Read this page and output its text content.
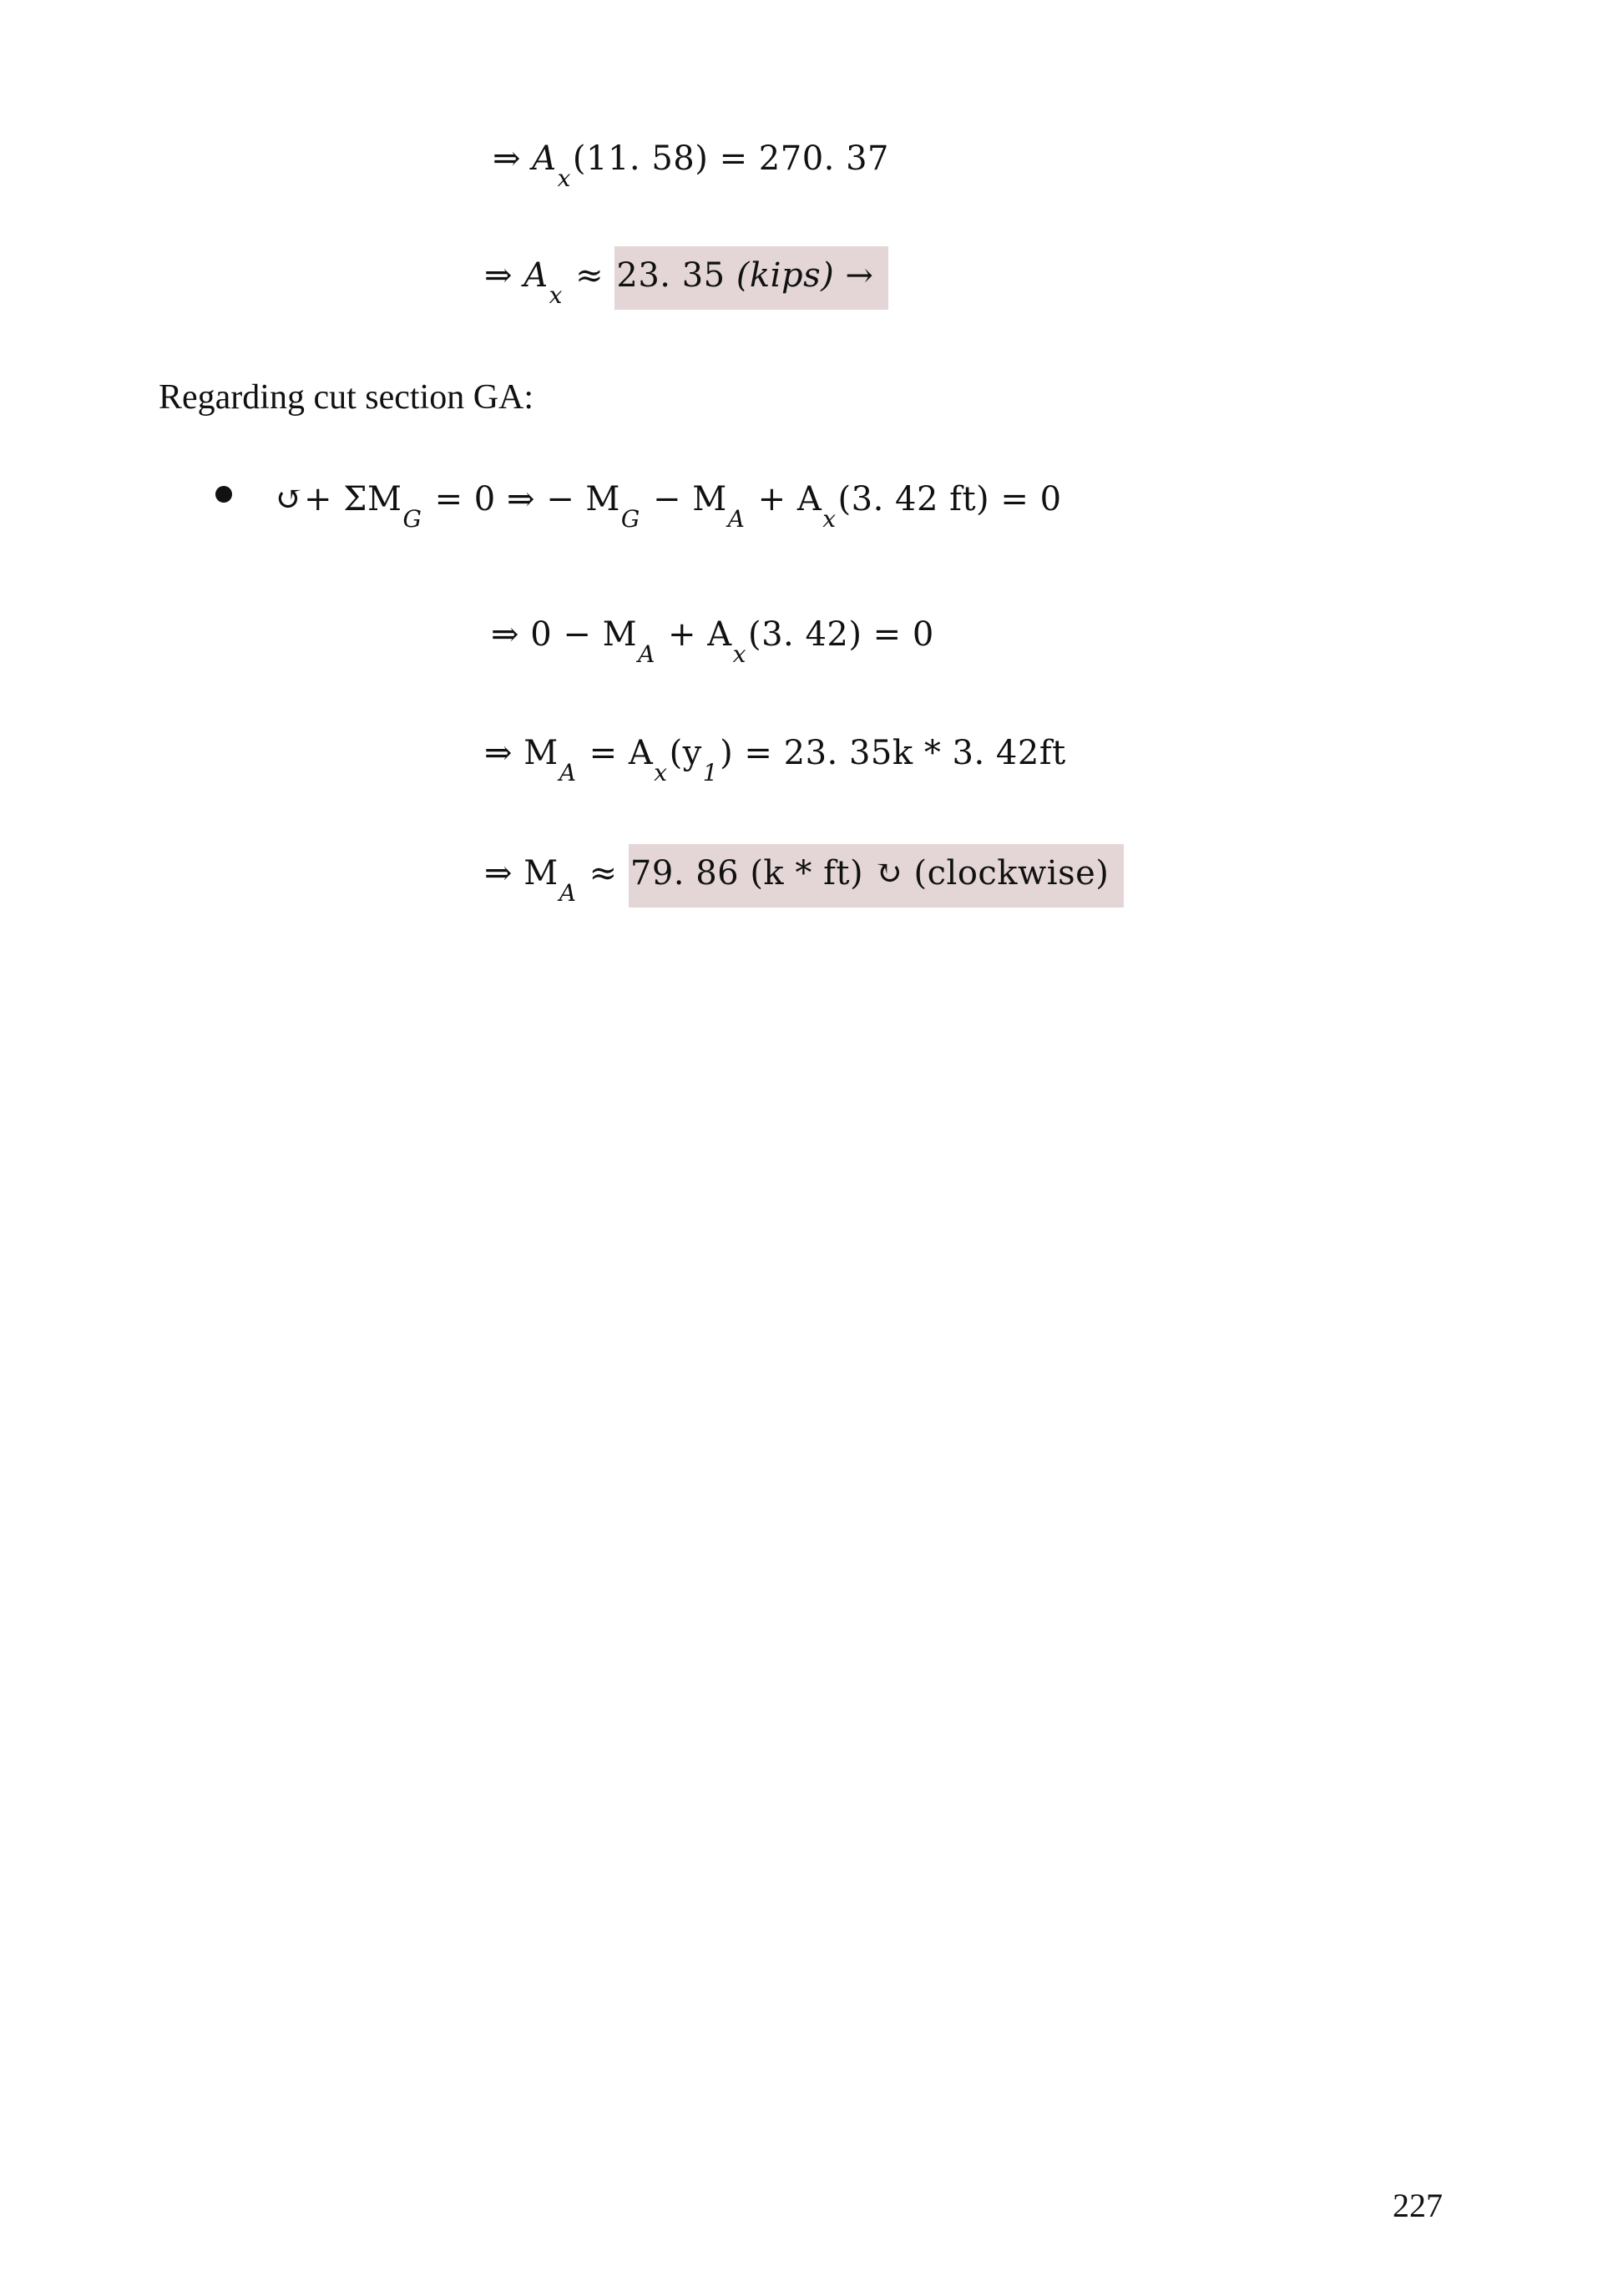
⇒ $A_x(11$. 58) = 270. 37
⇒ $A_x \approx 23$. 35 (kips) →
Regarding cut section GA:
↺+ $\Sigma M_G = 0$ ⇒ − $M_G - M_A + A_x(3$. 42 ft) = 0
⇒ $0 - M_A + A_x(3$. 42) = 0
⇒ $M_A = A_x(y_1) = 23$. 35k * 3. 42ft
⇒ $M_A \approx 79$. 86 (k * ft) ↻ (clockwise)
227
